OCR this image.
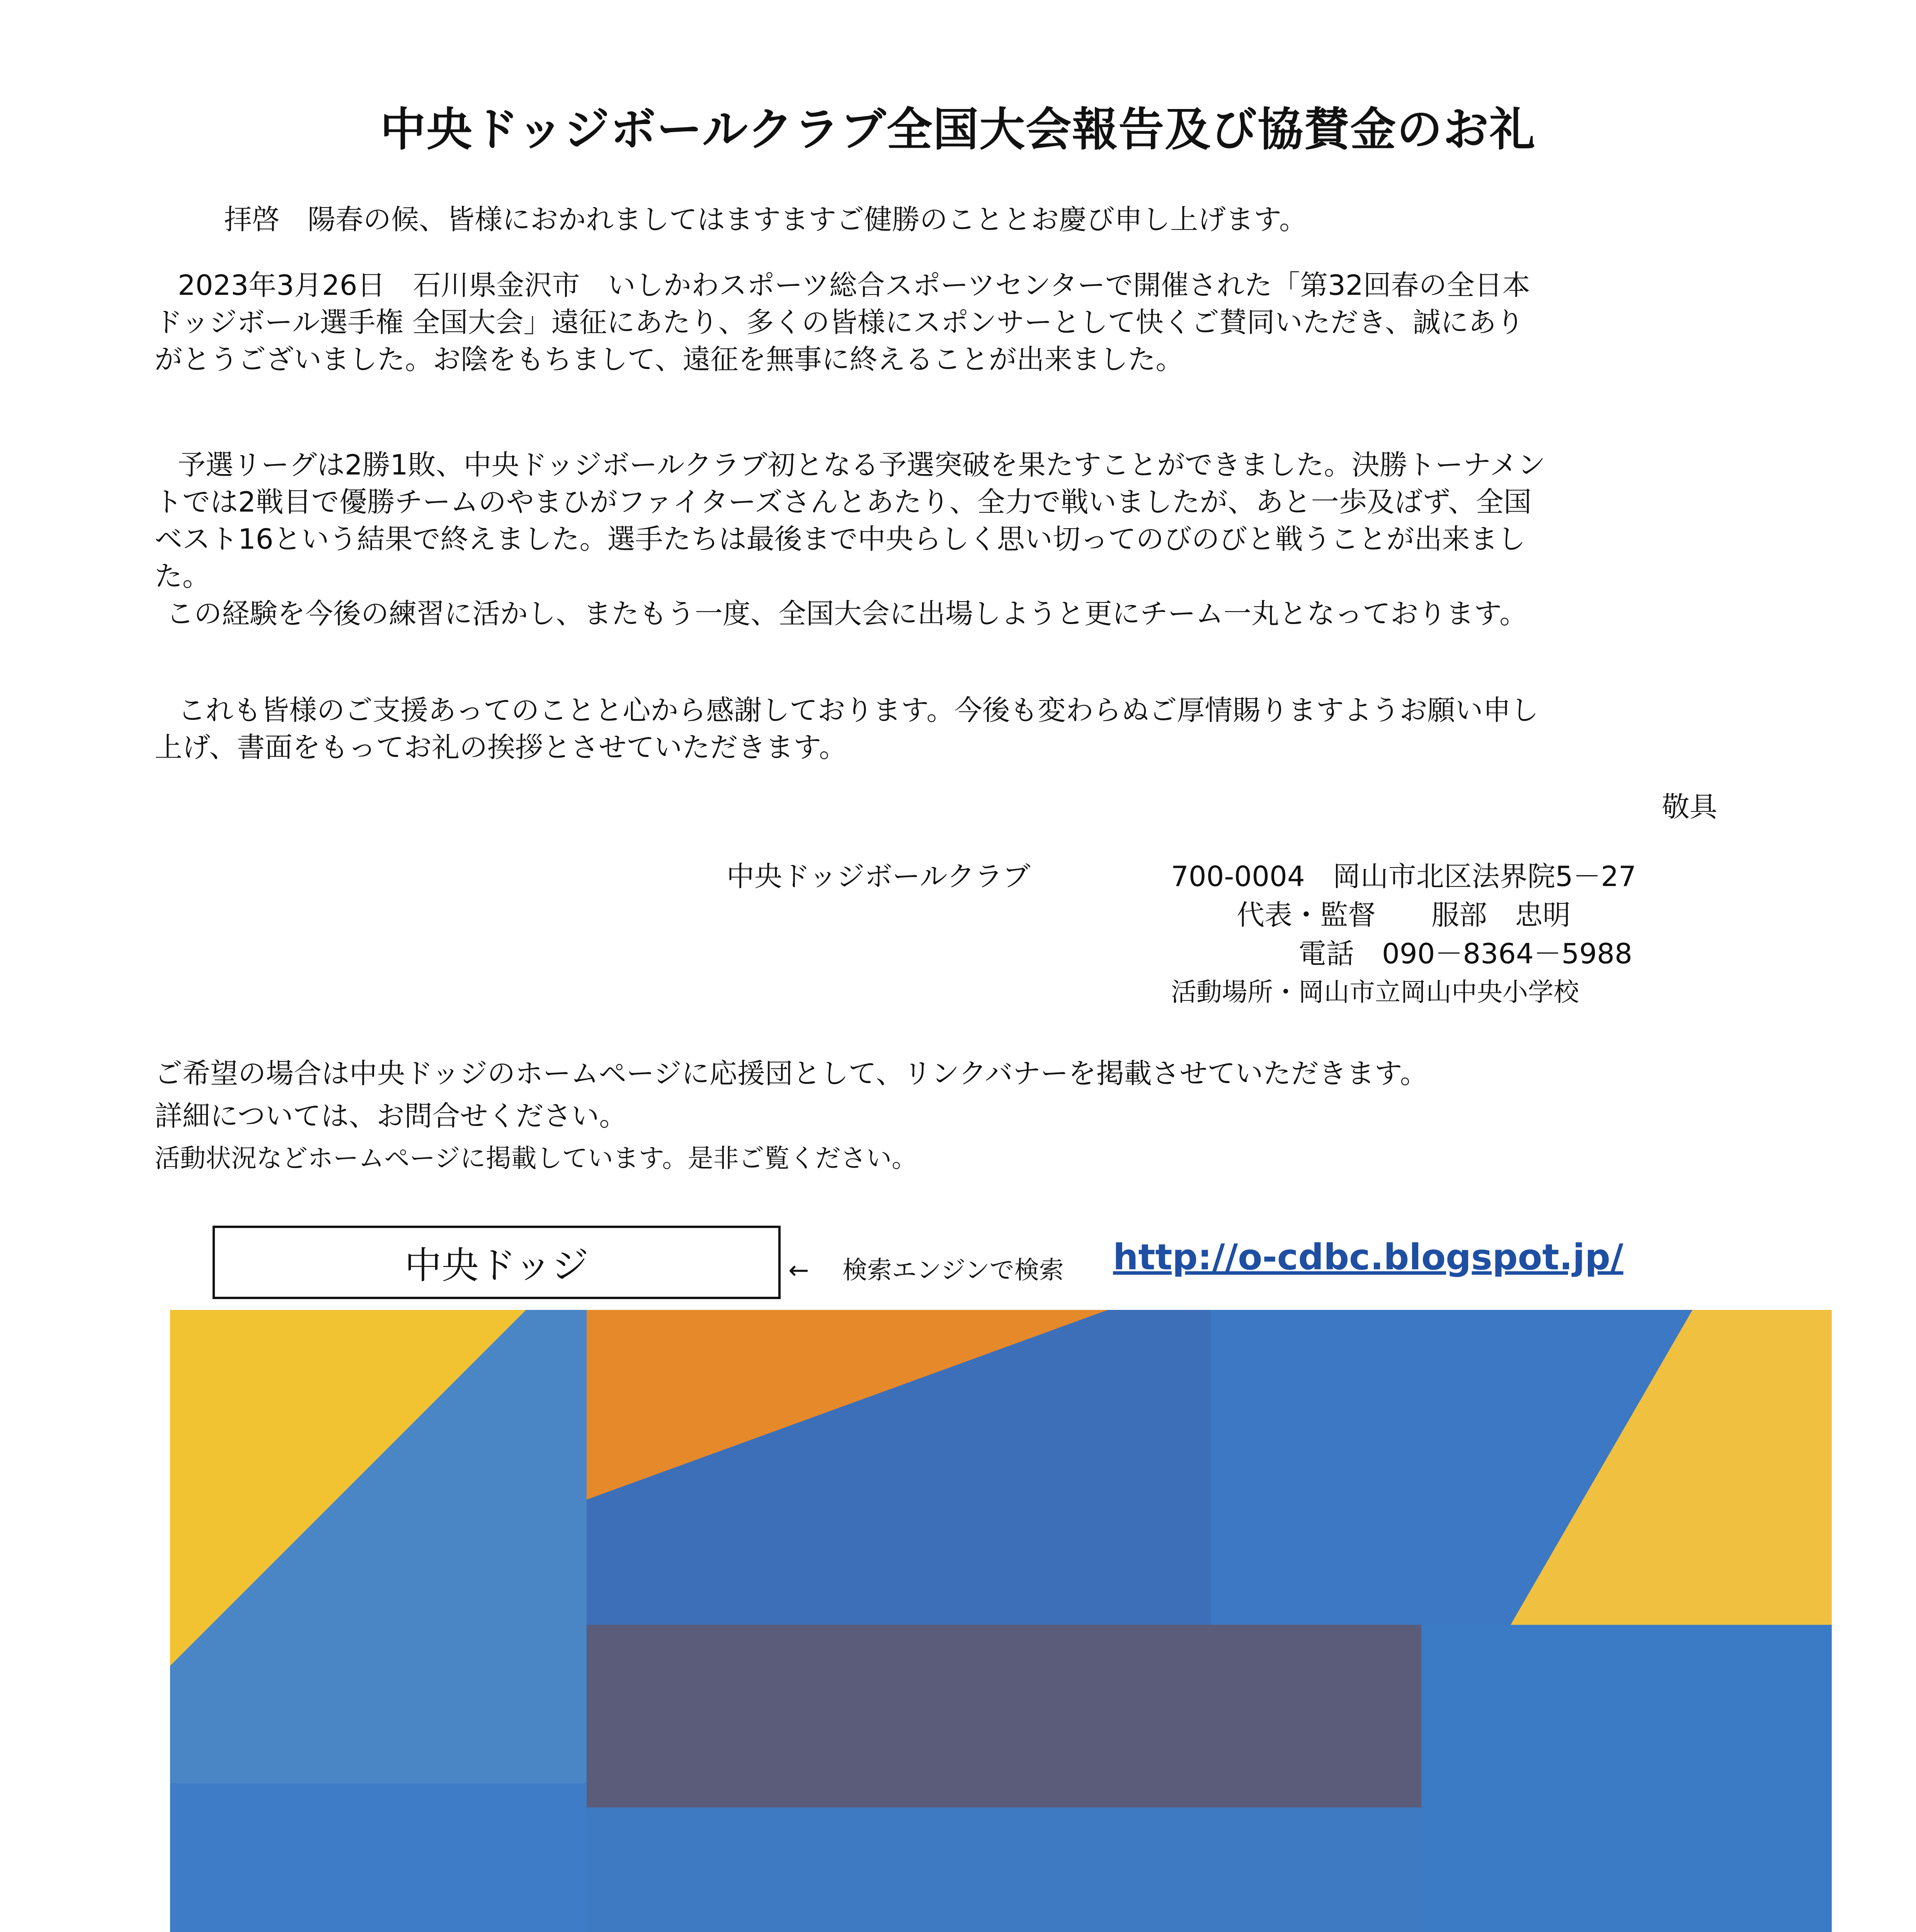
中央ドッジボールクラブ全国大会報告及び協賛金のお礼

拝啓　陽春の候、皆様におかれましてはますますご健勝のこととお慶び申し上げます。

2023年3月26日　石川県金沢市　いしかわスポーツ総合スポーツセンターで開催された「第32回春の全日本
ドッジボール選手権 全国大会」遠征にあたり、多くの皆様にスポンサーとして快くご賛同いただき、誠にあり
がとうございました。お陰をもちまして、遠征を無事に終えることが出来ました。
予選リーグは2勝1敗、中央ドッジボールクラブ初となる予選突破を果たすことができました。決勝トーナメン
トでは2戦目で優勝チームのやまひがファイターズさんとあたり、全力で戦いましたが、あと一歩及ばず、全国
ベスト16という結果で終えました。選手たちは最後まで中央らしく思い切ってのびのびと戦うことが出来まし
た。
この経験を今後の練習に活かし、またもう一度、全国大会に出場しようと更にチーム一丸となっております。
これも皆様のご支援あってのことと心から感謝しております。今後も変わらぬご厚情賜りますようお願い申し
上げ、書面をもってお礼の挨拶とさせていただきます。
敬具
中央ドッジボールクラブ	700-0004　岡山市北区法界院5－27
代表・監督　　服部　忠明
電話　090－8364－5988
活動場所・岡山市立岡山中央小学校
ご希望の場合は中央ドッジのホームページに応援団として、リンクバナーを掲載させていただきます。
詳細については、お問合せください。
活動状況などホームページに掲載しています。是非ご覧ください。
中央ドッジ	← 検索エンジンで検索 http://o-cdbc.blogspot.jp/
